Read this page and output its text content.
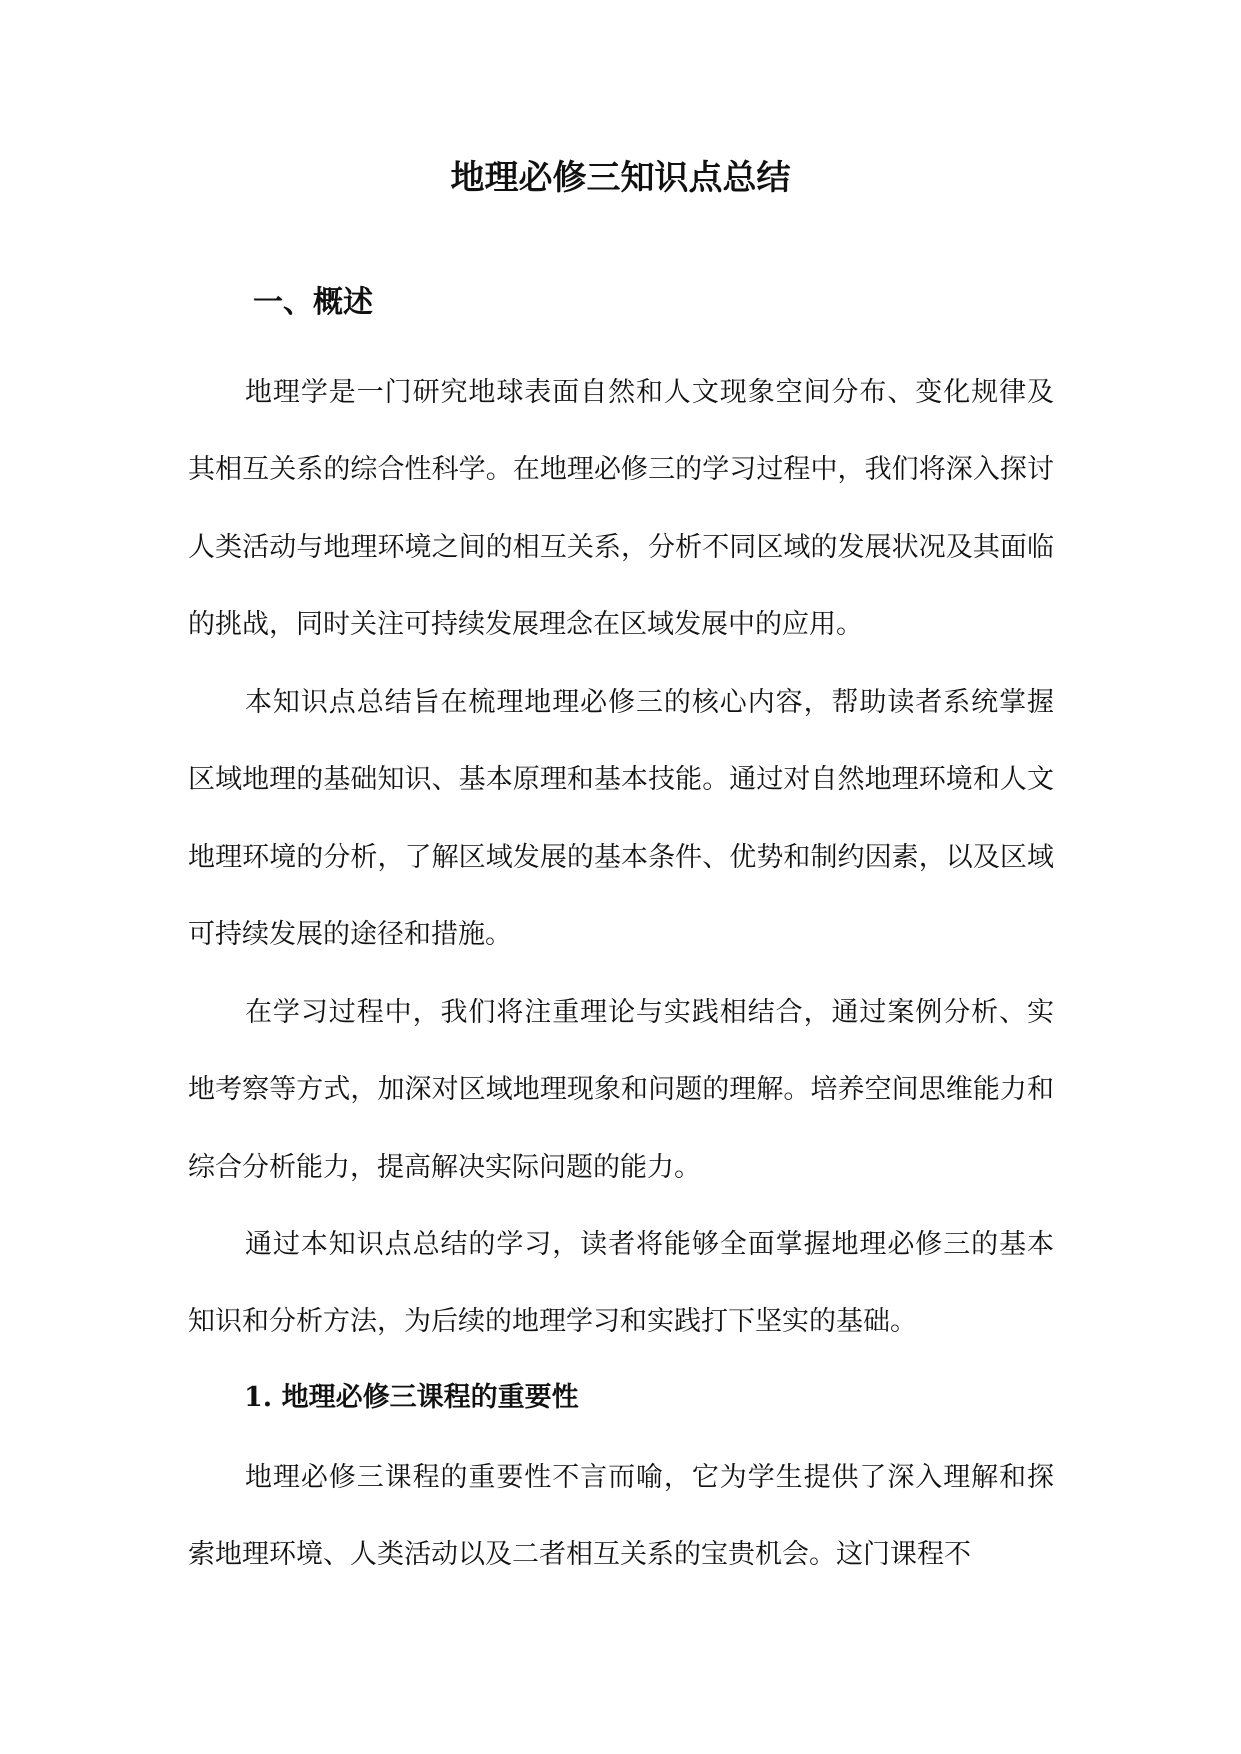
地理必修三知识点总结
一、概述

地理学是一门研究地球表面自然和人文现象空间分布、变化规律及其相互关系的综合性科学。在地理必修三的学习过程中，我们将深入探讨人类活动与地理环境之间的相互关系，分析不同区域的发展状况及其面临的挑战，同时关注可持续发展理念在区域发展中的应用。

本知识点总结旨在梳理地理必修三的核心内容，帮助读者系统掌握区域地理的基础知识、基本原理和基本技能。通过对自然地理环境和人文地理环境的分析，了解区域发展的基本条件、优势和制约因素，以及区域可持续发展的途径和措施。

在学习过程中，我们将注重理论与实践相结合，通过案例分析、实地考察等方式，加深对区域地理现象和问题的理解。培养空间思维能力和综合分析能力，提高解决实际问题的能力。

通过本知识点总结的学习，读者将能够全面掌握地理必修三的基本知识和分析方法，为后续的地理学习和实践打下坚实的基础。

1. 地理必修三课程的重要性

地理必修三课程的重要性不言而喻，它为学生提供了深入理解和探索地理环境、人类活动以及二者相互关系的宝贵机会。这门课程不
